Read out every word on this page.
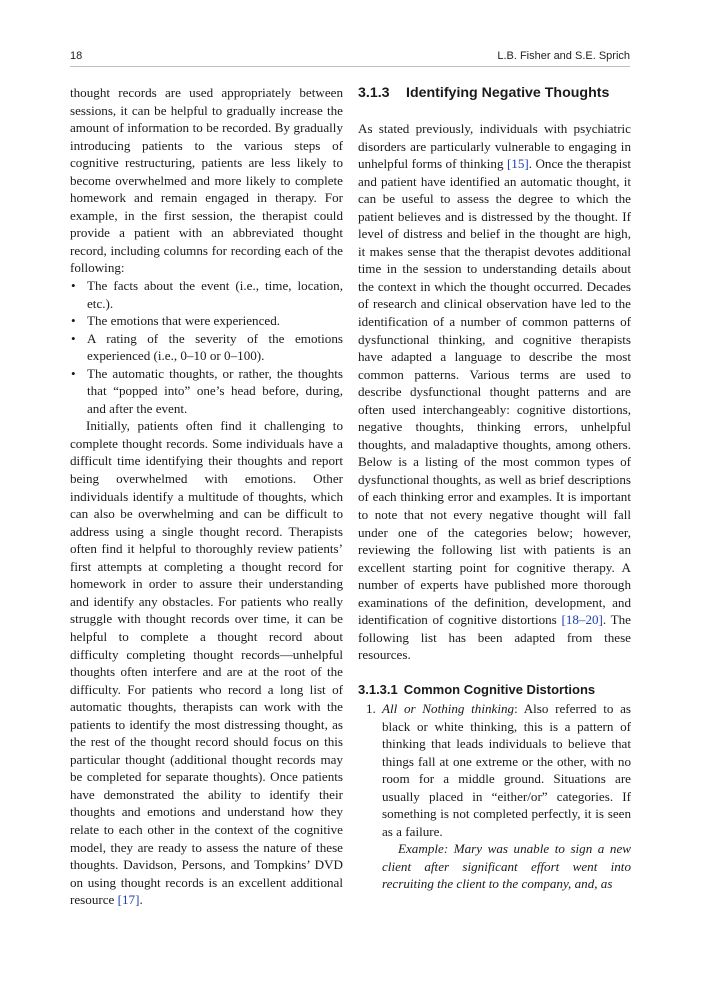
18	L.B. Fisher and S.E. Sprich

thought records are used appropriately between sessions, it can be helpful to gradually increase the amount of information to be recorded. By gradually introducing patients to the various steps of cognitive restructuring, patients are less likely to become overwhelmed and more likely to complete homework and remain engaged in therapy. For example, in the first session, the therapist could provide a patient with an abbreviated thought record, including columns for recording each of the following:

• The facts about the event (i.e., time, location, etc.).
• The emotions that were experienced.
• A rating of the severity of the emotions experienced (i.e., 0–10 or 0–100).
• The automatic thoughts, or rather, the thoughts that “popped into” one’s head before, during, and after the event.

Initially, patients often find it challenging to complete thought records. Some individuals have a difficult time identifying their thoughts and report being overwhelmed with emotions. Other individuals identify a multitude of thoughts, which can also be overwhelming and can be difficult to address using a single thought record. Therapists often find it helpful to thoroughly review patients’ first attempts at completing a thought record for homework in order to assure their understanding and identify any obstacles. For patients who really struggle with thought records over time, it can be helpful to complete a thought record about difficulty completing thought records—unhelpful thoughts often interfere and are at the root of the difficulty. For patients who record a long list of automatic thoughts, therapists can work with the patients to identify the most distressing thought, as the rest of the thought record should focus on this particular thought (additional thought records may be completed for separate thoughts). Once patients have demonstrated the ability to identify their thoughts and emotions and understand how they relate to each other in the context of the cognitive model, they are ready to assess the nature of these thoughts. Davidson, Persons, and Tompkins’ DVD on using thought records is an excellent additional resource [17].

3.1.3 Identifying Negative Thoughts

As stated previously, individuals with psychiatric disorders are particularly vulnerable to engaging in unhelpful forms of thinking [15]. Once the therapist and patient have identified an automatic thought, it can be useful to assess the degree to which the patient believes and is distressed by the thought. If level of distress and belief in the thought are high, it makes sense that the therapist devotes additional time in the session to understanding details about the context in which the thought occurred. Decades of research and clinical observation have led to the identification of a number of common patterns of dysfunctional thinking, and cognitive therapists have adapted a language to describe the most common patterns. Various terms are used to describe dysfunctional thought patterns and are often used interchangeably: cognitive distortions, negative thoughts, thinking errors, unhelpful thoughts, and maladaptive thoughts, among others. Below is a listing of the most common types of dysfunctional thoughts, as well as brief descriptions of each thinking error and examples. It is important to note that not every negative thought will fall under one of the categories below; however, reviewing the following list with patients is an excellent starting point for cognitive therapy. A number of experts have published more thorough examinations of the definition, development, and identification of cognitive distortions [18–20]. The following list has been adapted from these resources.

3.1.3.1 Common Cognitive Distortions
1. All or Nothing thinking: Also referred to as black or white thinking, this is a pattern of thinking that leads individuals to believe that things fall at one extreme or the other, with no room for a middle ground. Situations are usually placed in “either/or” categories. If something is not completed perfectly, it is seen as a failure.

Example: Mary was unable to sign a new client after significant effort went into recruiting the client to the company, and, as
